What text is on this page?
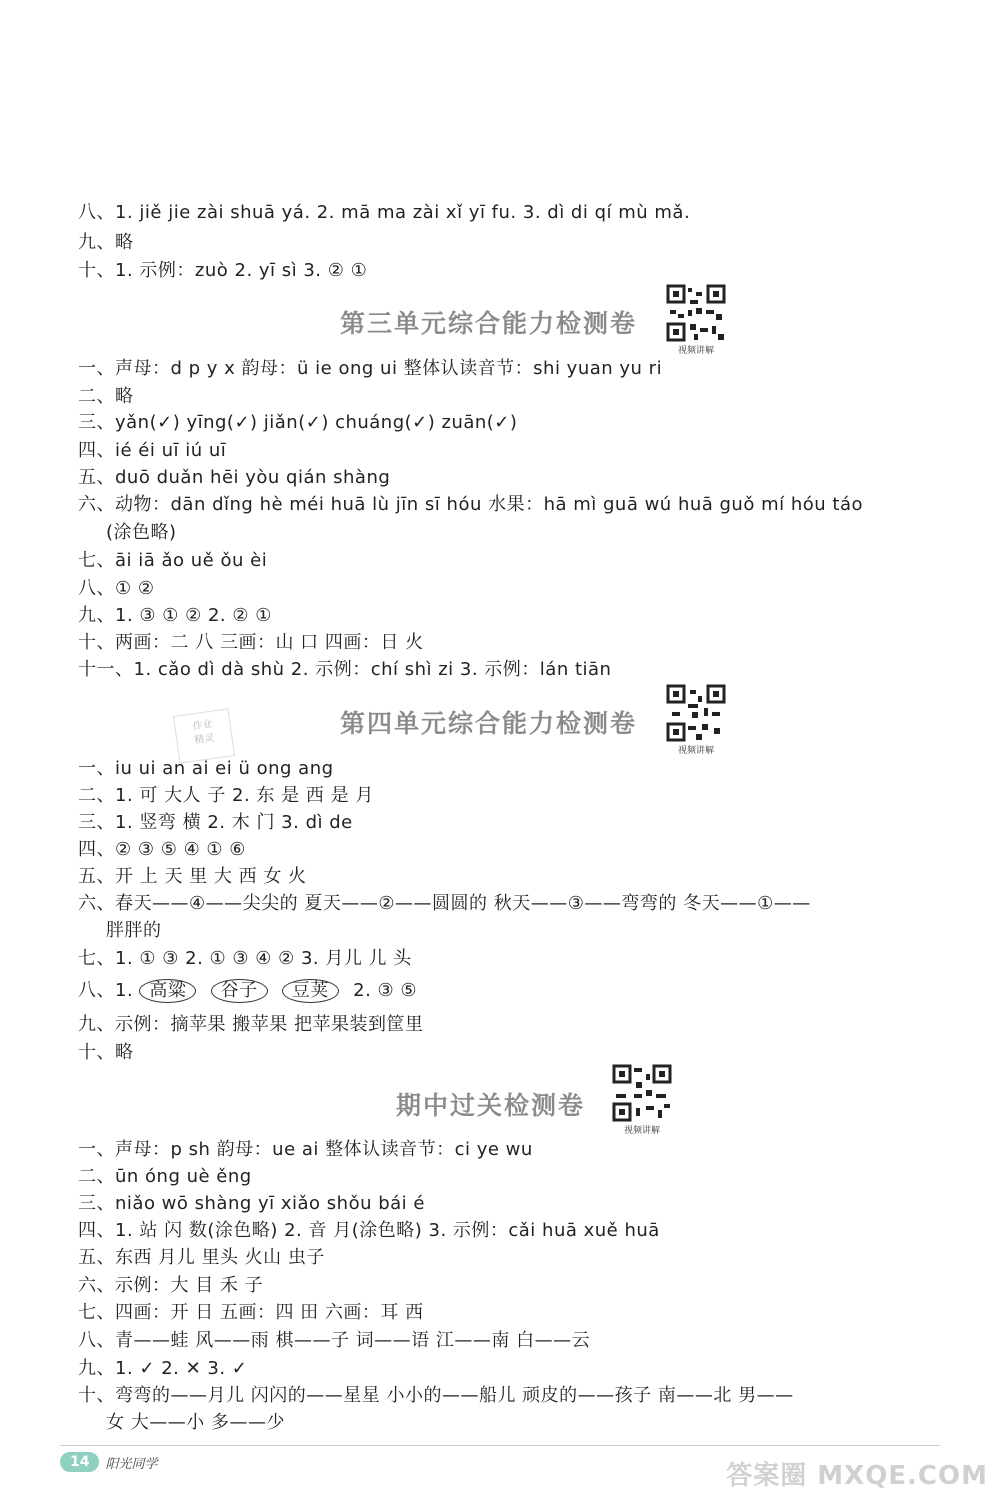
八、1. jiě jie zài shuā yá. 2. mā ma zài xǐ yī fu. 3. dì di qí mù mǎ.
九、略
十、1. 示例：zuò 2. yī sì 3. ② ①
第三单元综合能力检测卷
视频讲解
一、声母：d p y x 韵母：ü ie ong ui 整体认读音节：shi yuan yu ri
二、略
三、yǎn(✓) yīng(✓) jiǎn(✓) chuáng(✓) zuān(✓)
四、ié éi uī iú uī
五、duō duǎn hēi yòu qián shàng
六、动物：dān dǐng hè méi huā lù jīn sī hóu 水果：hā mì guā wú huā guǒ mí hóu táo
(涂色略)
七、āi iā ǎo uě ǒu èi
八、① ②
九、1. ③ ① ② 2. ② ①
十、两画：二 八 三画：山 口 四画：日 火
十一、1. cǎo dì dà shù 2. 示例：chí shì zi 3. 示例：lán tiān
作业
精灵
第四单元综合能力检测卷
视频讲解
一、iu ui an ai ei ü ong ang
二、1. 可 大人 子 2. 东 是 西 是 月
三、1. 竖弯 横 2. 木 门 3. dì de
四、② ③ ⑤ ④ ① ⑥
五、开 上 天 里 大 西 女 火
六、春天——④——尖尖的 夏天——②——圆圆的 秋天——③——弯弯的 冬天——①——
胖胖的
七、1. ① ③ 2. ① ③ ④ ② 3. 月儿 儿 头
八、1. 高粱 谷子 豆荚 2. ③ ⑤
九、示例：摘苹果 搬苹果 把苹果装到筐里
十、略
期中过关检测卷
视频讲解
一、声母：p sh 韵母：ue ai 整体认读音节：ci ye wu
二、ūn óng uè ěng
三、niǎo wō shàng yī xiǎo shǒu bái é
四、1. 站 闪 数(涂色略) 2. 音 月(涂色略) 3. 示例：cǎi huā xuě huā
五、东西 月儿 里头 火山 虫子
六、示例：大 目 禾 子
七、四画：开 日 五画：四 田 六画：耳 西
八、青——蛙 风——雨 棋——子 词——语 江——南 白——云
九、1. ✓ 2. ✕ 3. ✓
十、弯弯的——月儿 闪闪的——星星 小小的——船儿 顽皮的——孩子 南——北 男——
女 大——小 多——少
14	阳光同学	答案圈 MXQE.COM
